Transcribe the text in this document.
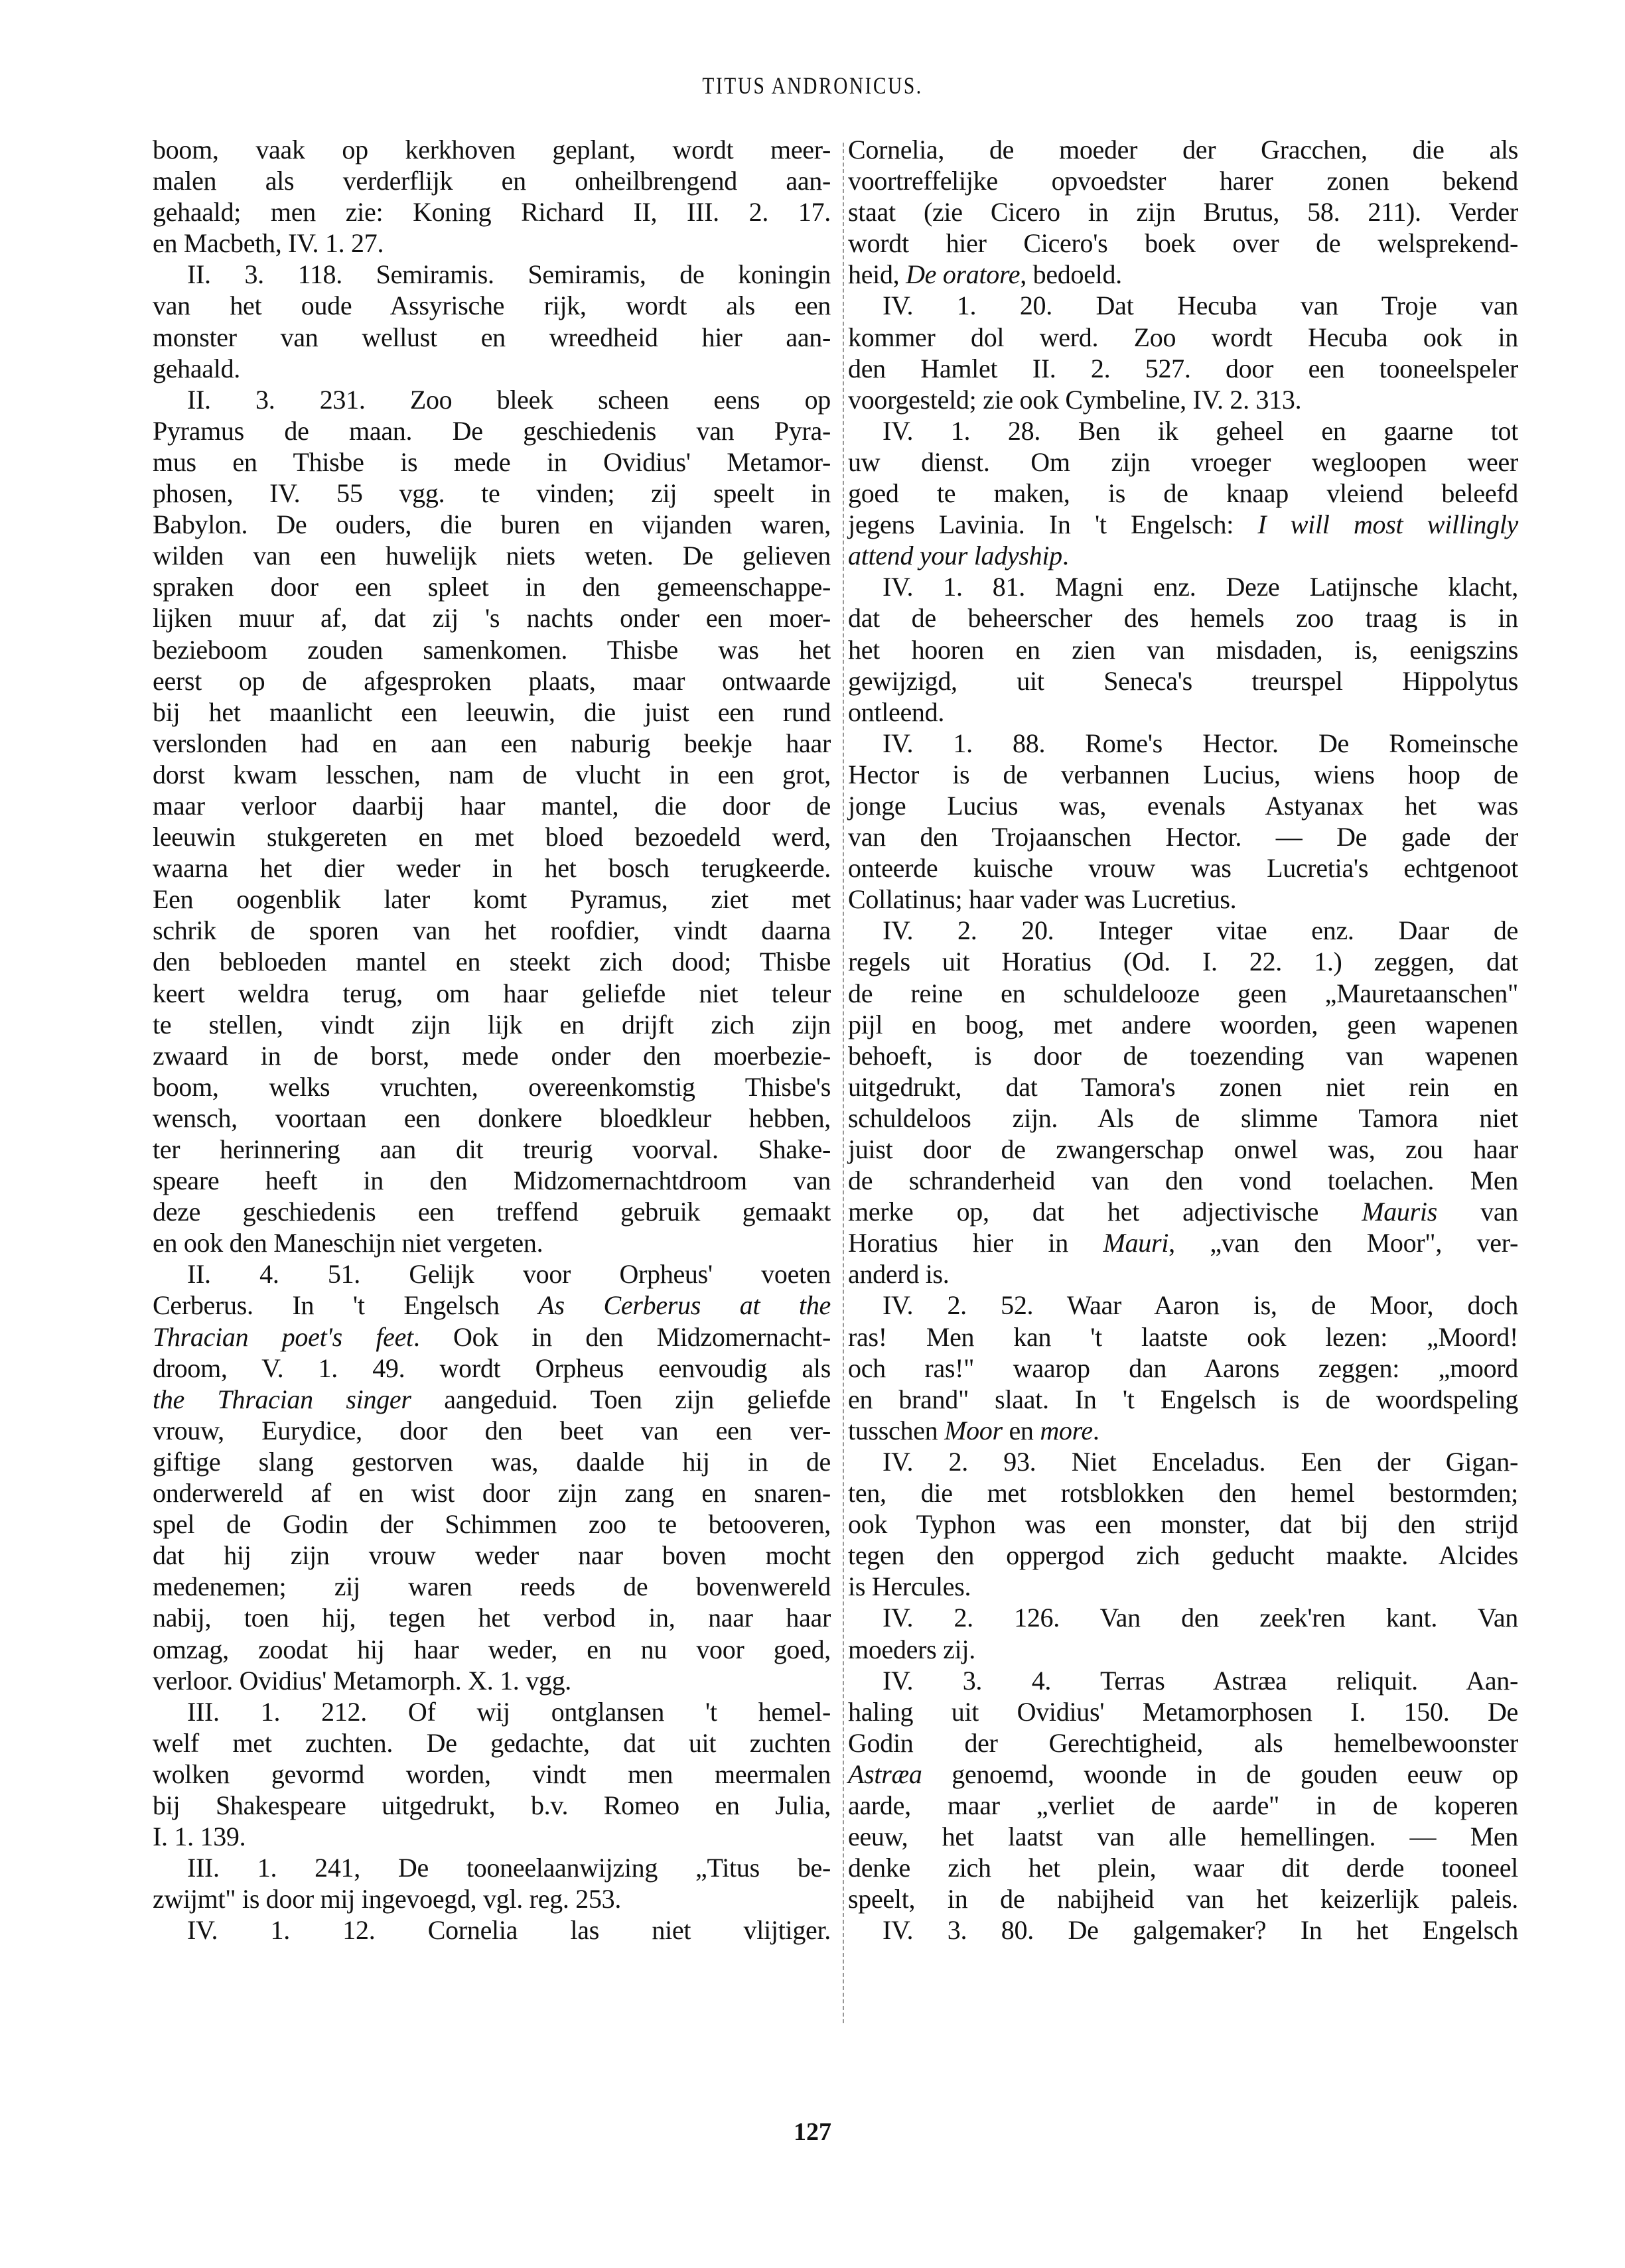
TITUS ANDRONICUS.
boom, vaak op kerkhoven geplant, wordt meer-
malen als verderflijk en onheilbrengend aan-
gehaald; men zie: Koning Richard II, III. 2. 17.
en Macbeth, IV. 1. 27.
II. 3. 118. Semiramis. Semiramis, de koningin
van het oude Assyrische rijk, wordt als een
monster van wellust en wreedheid hier aan-
gehaald.
II. 3. 231. Zoo bleek scheen eens op
Pyramus de maan. De geschiedenis van Pyra-
mus en Thisbe is mede in Ovidius' Metamor-
phosen, IV. 55 vgg. te vinden; zij speelt in
Babylon. De ouders, die buren en vijanden waren,
wilden van een huwelijk niets weten. De gelieven
spraken door een spleet in den gemeenschappe-
lijken muur af, dat zij 's nachts onder een moer-
bezieboom zouden samenkomen. Thisbe was het
eerst op de afgesproken plaats, maar ontwaarde
bij het maanlicht een leeuwin, die juist een rund
verslonden had en aan een naburig beekje haar
dorst kwam lesschen, nam de vlucht in een grot,
maar verloor daarbij haar mantel, die door de
leeuwin stukgereten en met bloed bezoedeld werd,
waarna het dier weder in het bosch terugkeerde.
Een oogenblik later komt Pyramus, ziet met
schrik de sporen van het roofdier, vindt daarna
den bebloeden mantel en steekt zich dood; Thisbe
keert weldra terug, om haar geliefde niet teleur
te stellen, vindt zijn lijk en drijft zich zijn
zwaard in de borst, mede onder den moerbezie-
boom, welks vruchten, overeenkomstig Thisbe's
wensch, voortaan een donkere bloedkleur hebben,
ter herinnering aan dit treurig voorval. Shake-
speare heeft in den Midzomernachtdroom van
deze geschiedenis een treffend gebruik gemaakt
en ook den Maneschijn niet vergeten.
II. 4. 51. Gelijk voor Orpheus' voeten
Cerberus. In 't Engelsch As Cerberus at the
Thracian poet's feet. Ook in den Midzomernacht-
droom, V. 1. 49. wordt Orpheus eenvoudig als
the Thracian singer aangeduid. Toen zijn geliefde
vrouw, Eurydice, door den beet van een ver-
giftige slang gestorven was, daalde hij in de
onderwereld af en wist door zijn zang en snaren-
spel de Godin der Schimmen zoo te betooveren,
dat hij zijn vrouw weder naar boven mocht
medenemen; zij waren reeds de bovenwereld
nabij, toen hij, tegen het verbod in, naar haar
omzag, zoodat hij haar weder, en nu voor goed,
verloor. Ovidius' Metamorph. X. 1. vgg.
III. 1. 212. Of wij ontglansen 't hemel-
welf met zuchten. De gedachte, dat uit zuchten
wolken gevormd worden, vindt men meermalen
bij Shakespeare uitgedrukt, b.v. Romeo en Julia,
I. 1. 139.
III. 1. 241, De tooneelaanwijzing „Titus be-
zwijmt" is door mij ingevoegd, vgl. reg. 253.
IV. 1. 12. Cornelia las niet vlijtiger.
Cornelia, de moeder der Gracchen, die als
voortreffelijke opvoedster harer zonen bekend
staat (zie Cicero in zijn Brutus, 58. 211). Verder
wordt hier Cicero's boek over de welsprekend-
heid, De oratore, bedoeld.
IV. 1. 20. Dat Hecuba van Troje van
kommer dol werd. Zoo wordt Hecuba ook in
den Hamlet II. 2. 527. door een tooneelspeler
voorgesteld; zie ook Cymbeline, IV. 2. 313.
IV. 1. 28. Ben ik geheel en gaarne tot
uw dienst. Om zijn vroeger wegloopen weer
goed te maken, is de knaap vleiend beleefd
jegens Lavinia. In 't Engelsch: I will most willingly
attend your ladyship.
IV. 1. 81. Magni enz. Deze Latijnsche klacht,
dat de beheerscher des hemels zoo traag is in
het hooren en zien van misdaden, is, eenigszins
gewijzigd, uit Seneca's treurspel Hippolytus
ontleend.
IV. 1. 88. Rome's Hector. De Romeinsche
Hector is de verbannen Lucius, wiens hoop de
jonge Lucius was, evenals Astyanax het was
van den Trojaanschen Hector. — De gade der
onteerde kuische vrouw was Lucretia's echtgenoot
Collatinus; haar vader was Lucretius.
IV. 2. 20. Integer vitae enz. Daar de
regels uit Horatius (Od. I. 22. 1.) zeggen, dat
de reine en schuldelooze geen „Mauretaanschen"
pijl en boog, met andere woorden, geen wapenen
behoeft, is door de toezending van wapenen
uitgedrukt, dat Tamora's zonen niet rein en
schuldeloos zijn. Als de slimme Tamora niet
juist door de zwangerschap onwel was, zou haar
de schranderheid van den vond toelachen. Men
merke op, dat het adjectivische Mauris van
Horatius hier in Mauri, „van den Moor", ver-
anderd is.
IV. 2. 52. Waar Aaron is, de Moor, doch
ras! Men kan 't laatste ook lezen: „Moord!
och ras!" waarop dan Aarons zeggen: „moord
en brand" slaat. In 't Engelsch is de woordspeling
tusschen Moor en more.
IV. 2. 93. Niet Enceladus. Een der Gigan-
ten, die met rotsblokken den hemel bestormden;
ook Typhon was een monster, dat bij den strijd
tegen den oppergod zich geducht maakte. Alcides
is Hercules.
IV. 2. 126. Van den zeek'ren kant. Van
moeders zij.
IV. 3. 4. Terras Astræa reliquit. Aan-
haling uit Ovidius' Metamorphosen I. 150. De
Godin der Gerechtigheid, als hemelbewoonster
Astræa genoemd, woonde in de gouden eeuw op
aarde, maar „verliet de aarde" in de koperen
eeuw, het laatst van alle hemellingen. — Men
denke zich het plein, waar dit derde tooneel
speelt, in de nabijheid van het keizerlijk paleis.
IV. 3. 80. De galgemaker? In het Engelsch
127
